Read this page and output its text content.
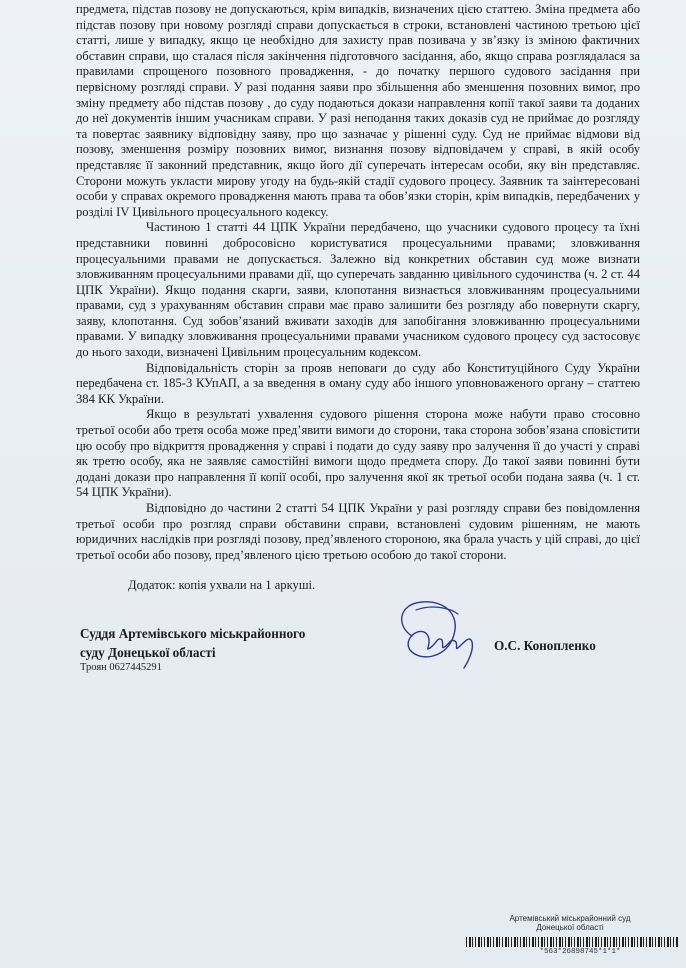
предмета, підстав позову не допускаються, крім випадків, визначених цією статтею. Зміна предмета або підстав позову при новому розгляді справи допускається в строки, встановлені частиною третьою цієї статті, лише у випадку, якщо це необхідно для захисту прав позивача у зв’язку із зміною фактичних обставин справи, що сталася після закінчення підготовчого засідання, або, якщо справа розглядалася за правилами спрощеного позовного провадження, - до початку першого судового засідання при первісному розгляді справи. У разі подання заяви про збільшення або зменшення позовних вимог, про зміну предмету або підстав позову , до суду подаються докази направлення копії такої заяви та доданих до неї документів іншим учасникам справи. У разі неподання таких доказів суд не приймає до розгляду та повертає заявнику відповідну заяву, про що зазначає у рішенні суду. Суд не приймає відмови від позову, зменшення розміру позовних вимог, визнання позову відповідачем у справі, в якій особу представляє її законний представник, якщо його дії суперечать інтересам особи, яку він представляє. Сторони можуть укласти мирову угоду на будь-якій стадії судового процесу. Заявник та заінтересовані особи у справах окремого провадження мають права та обов’язки сторін, крім випадків, передбачених у розділі IV Цивільного процесуального кодексу.

Частиною 1 статті 44 ЦПК України передбачено, що учасники судового процесу та їхні представники повинні добросовісно користуватися процесуальними правами; зловживання процесуальними правами не допускається. Залежно від конкретних обставин суд може визнати зловживанням процесуальними правами дії, що суперечать завданню цивільного судочинства (ч. 2 ст. 44 ЦПК України). Якщо подання скарги, заяви, клопотання визнається зловживанням процесуальними правами, суд з урахуванням обставин справи має право залишити без розгляду або повернути скаргу, заяву, клопотання. Суд зобов’язаний вживати заходів для запобігання зловживанню процесуальними правами. У випадку зловживання процесуальними правами учасником судового процесу суд застосовує до нього заходи, визначені Цивільним процесуальним кодексом.

Відповідальність сторін за прояв неповаги до суду або Конституційного Суду України передбачена ст. 185-3 КУпАП, а за введення в оману суду або іншого уповноваженого органу – статтею 384 КК України.

Якщо в результаті ухвалення судового рішення сторона може набути право стосовно третьої особи або третя особа може пред’явити вимоги до сторони, така сторона зобов’язана сповістити цю особу про відкриття провадження у справі і подати до суду заяву про залучення її до участі у справі як третю особу, яка не заявляє самостійні вимоги щодо предмета спору. До такої заяви повинні бути додані докази про направлення її копії особі, про залучення якої як третьої особи подана заява (ч. 1 ст. 54 ЦПК України).

Відповідно до частини 2 статті 54 ЦПК України у разі розгляду справи без повідомлення третьої особи про розгляд справи обставини справи, встановлені судовим рішенням, не мають юридичних наслідків при розгляді позову, пред’явленого стороною, яка брала участь у цій справі, до цієї третьої особи або позову, пред’явленого цією третьою особою до такої сторони.

Додаток: копія ухвали на 1 аркуші.
Суддя Артемівського міськрайонного
суду Донецької області
Троян 0627445291
О.С. Конопленко
Артемівський міськрайонний суд
Донецької області
*563*26898745*1*1*
